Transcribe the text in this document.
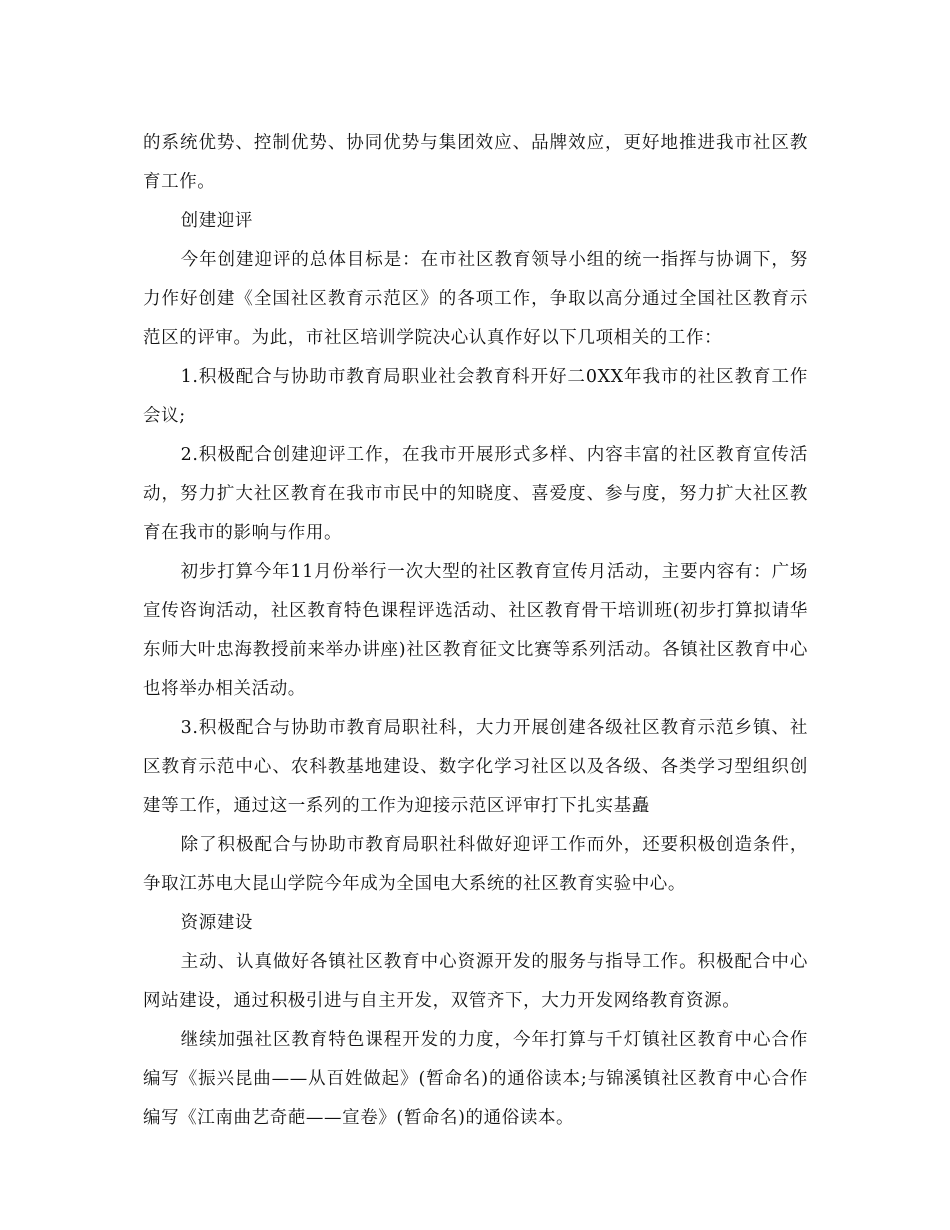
的系统优势、控制优势、协同优势与集团效应、品牌效应，更好地推进我市社区教育工作。

创建迎评

今年创建迎评的总体目标是：在市社区教育领导小组的统一指挥与协调下，努力作好创建《全国社区教育示范区》的各项工作，争取以高分通过全国社区教育示范区的评审。为此，市社区培训学院决心认真作好以下几项相关的工作：

1.积极配合与协助市教育局职业社会教育科开好二0XX年我市的社区教育工作会议;

2.积极配合创建迎评工作，在我市开展形式多样、内容丰富的社区教育宣传活动，努力扩大社区教育在我市市民中的知晓度、喜爱度、参与度，努力扩大社区教育在我市的影响与作用。

初步打算今年11月份举行一次大型的社区教育宣传月活动，主要内容有：广场宣传咨询活动，社区教育特色课程评选活动、社区教育骨干培训班(初步打算拟请华东师大叶忠海教授前来举办讲座)社区教育征文比赛等系列活动。各镇社区教育中心也将举办相关活动。

3.积极配合与协助市教育局职社科，大力开展创建各级社区教育示范乡镇、社区教育示范中心、农科教基地建设、数字化学习社区以及各级、各类学习型组织创建等工作，通过这一系列的工作为迎接示范区评审打下扎实基矗

除了积极配合与协助市教育局职社科做好迎评工作而外，还要积极创造条件，争取江苏电大昆山学院今年成为全国电大系统的社区教育实验中心。

资源建设

主动、认真做好各镇社区教育中心资源开发的服务与指导工作。积极配合中心网站建设，通过积极引进与自主开发，双管齐下，大力开发网络教育资源。

继续加强社区教育特色课程开发的力度，今年打算与千灯镇社区教育中心合作编写《振兴昆曲——从百姓做起》(暂命名)的通俗读本;与锦溪镇社区教育中心合作编写《江南曲艺奇葩——宣卷》(暂命名)的通俗读本。
